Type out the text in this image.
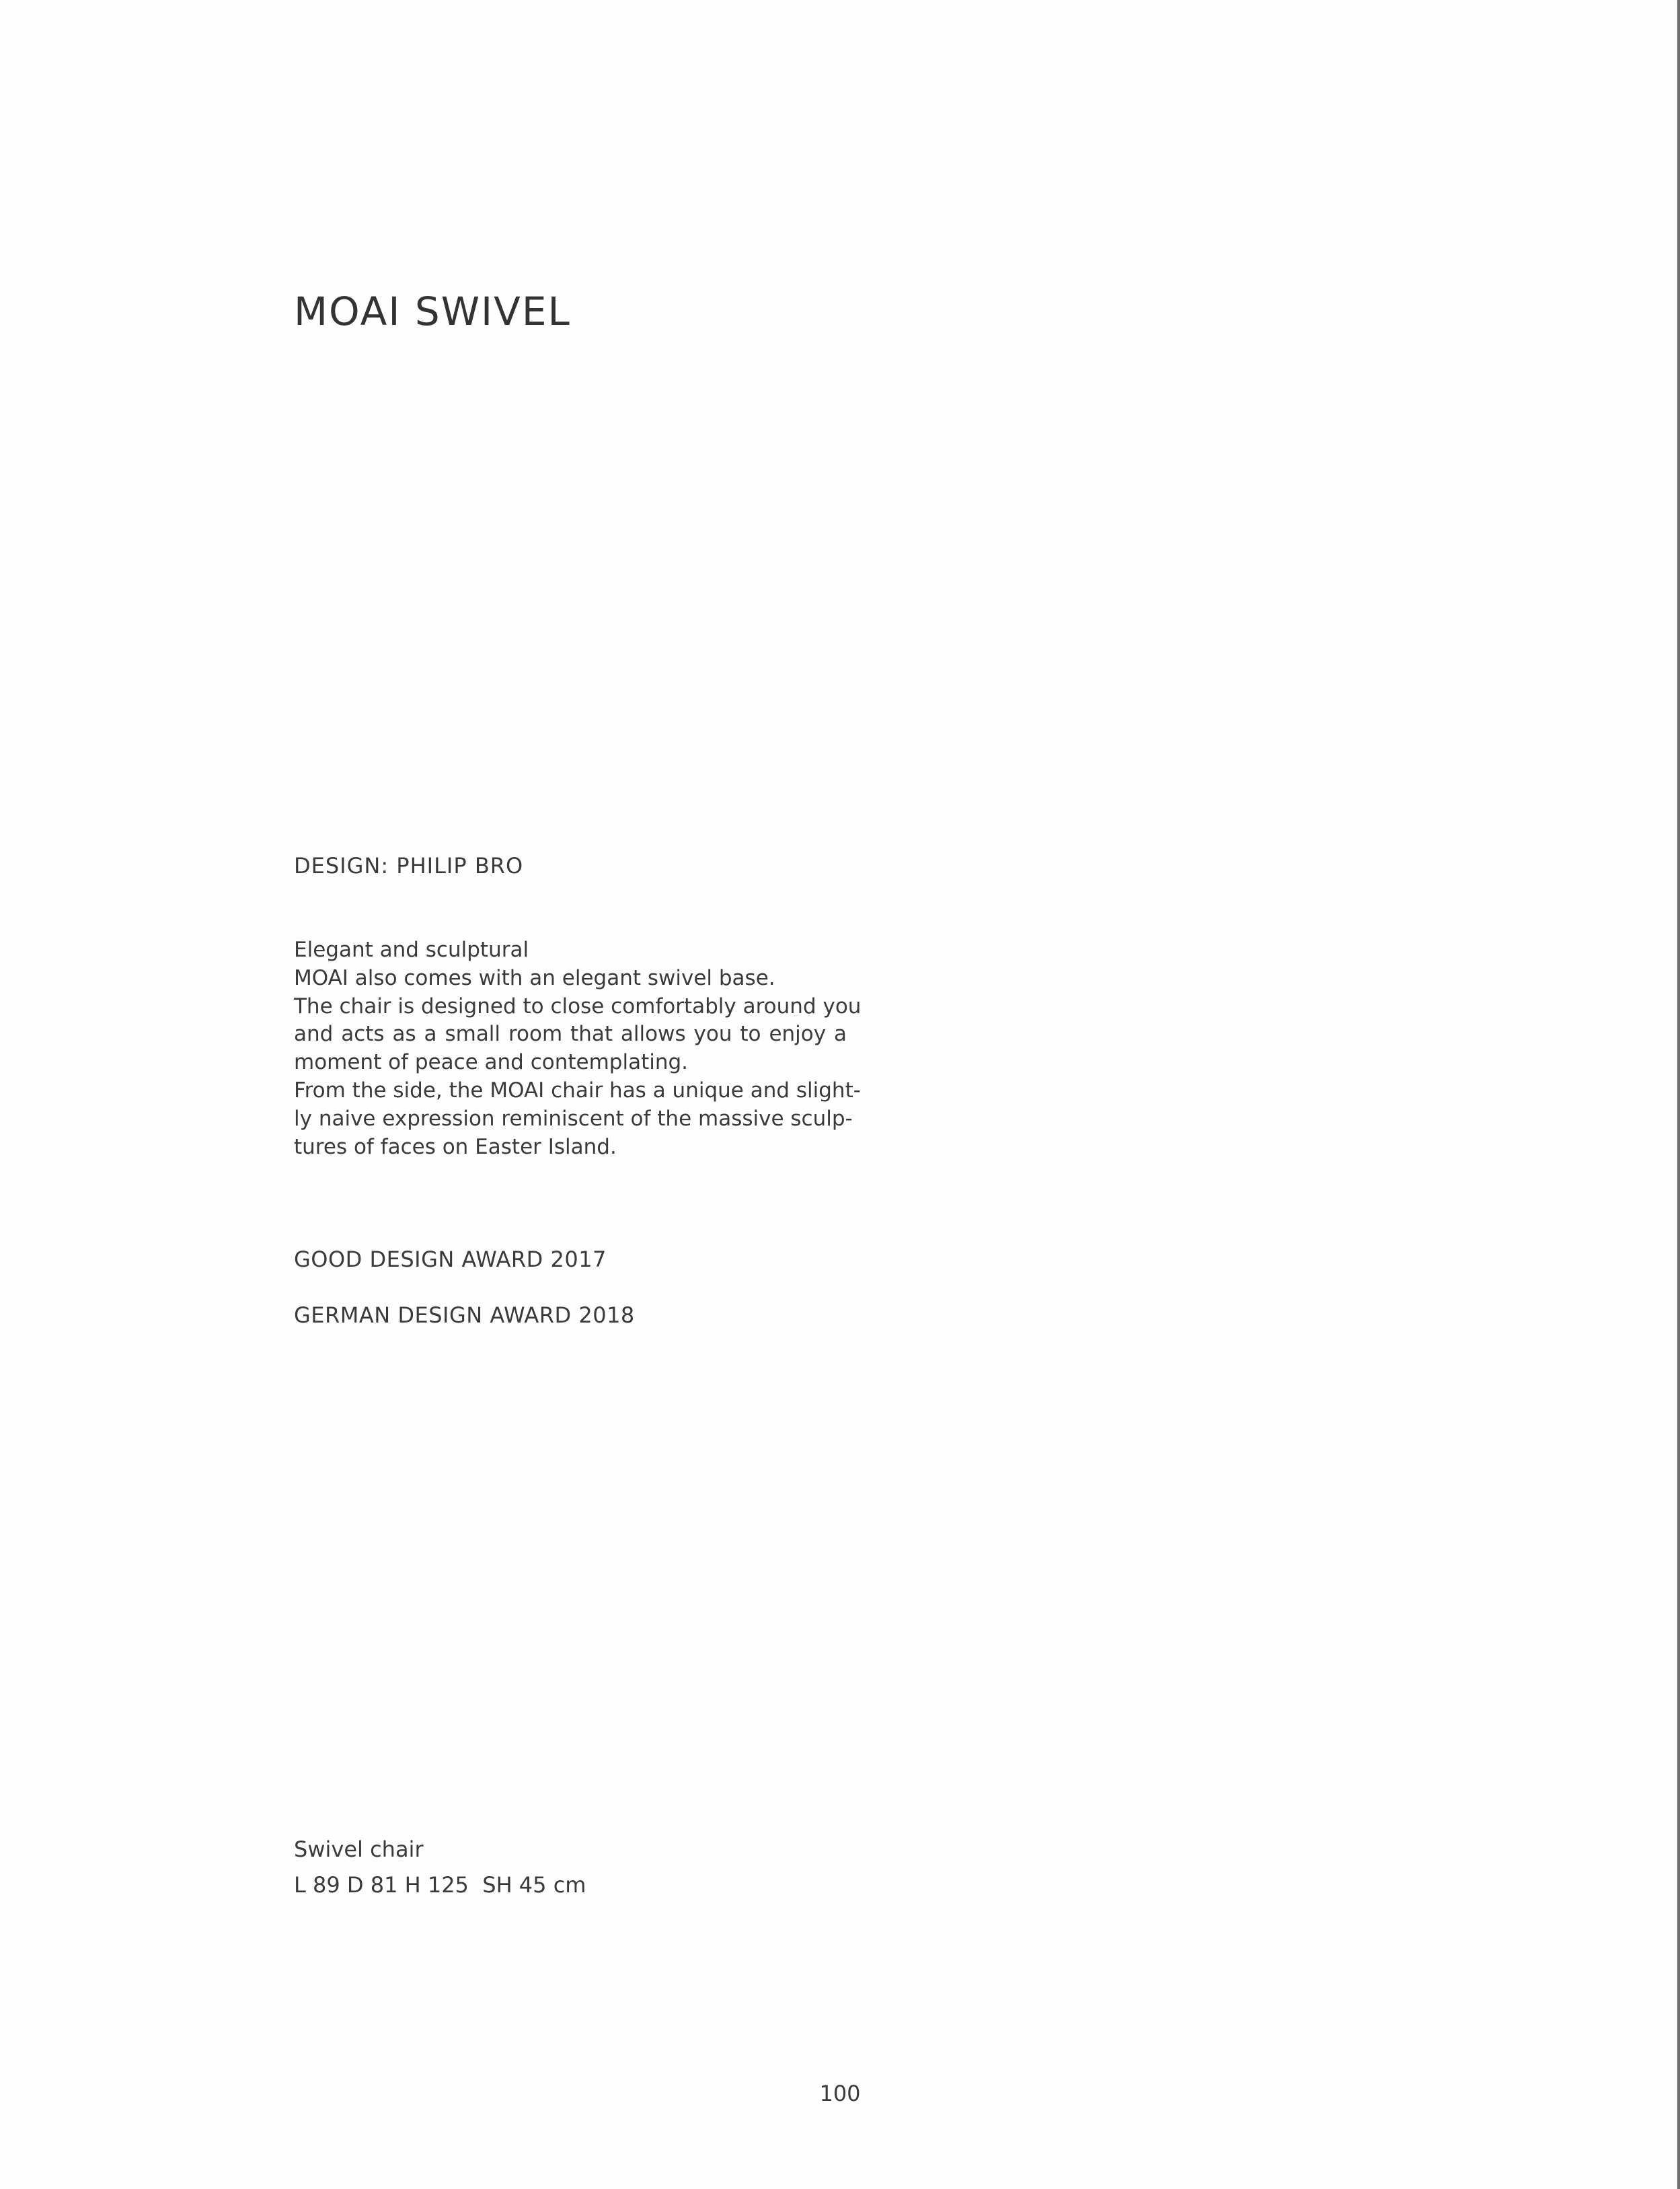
MOAI SWIVEL
DESIGN: PHILIP BRO
Elegant and sculptural
MOAI also comes with an elegant swivel base.
The chair is designed to close comfortably around you
and acts as a small room that allows you to enjoy a
moment of peace and contemplating.
From the side, the MOAI chair has a unique and slight-
ly naive expression reminiscent of the massive sculp-
tures of faces on Easter Island.
GOOD DESIGN AWARD 2017
GERMAN DESIGN AWARD 2018
Swivel chair
L 89 D 81 H 125  SH 45 cm
100
